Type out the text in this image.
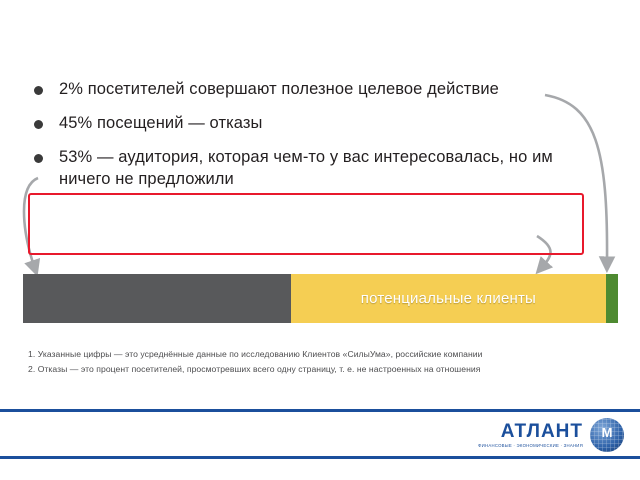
2% посетителей совершают полезное целевое действие
45% посещений — отказы
53% — аудитория, которая чем-то у вас интересовалась, но им ничего не предложили
потенциальные клиенты
1. Указанные цифры — это усреднённые данные по исследованию Клиентов «СилыУма», российские компании
2. Отказы — это процент посетителей, просмотревших всего одну страницу, т. е. не настроенных на отношения
АТЛАНТ
ФИНАНСОВЫЕ · ЭКОНОМИЧЕСКИЕ · ЗНАНИЯ
M
